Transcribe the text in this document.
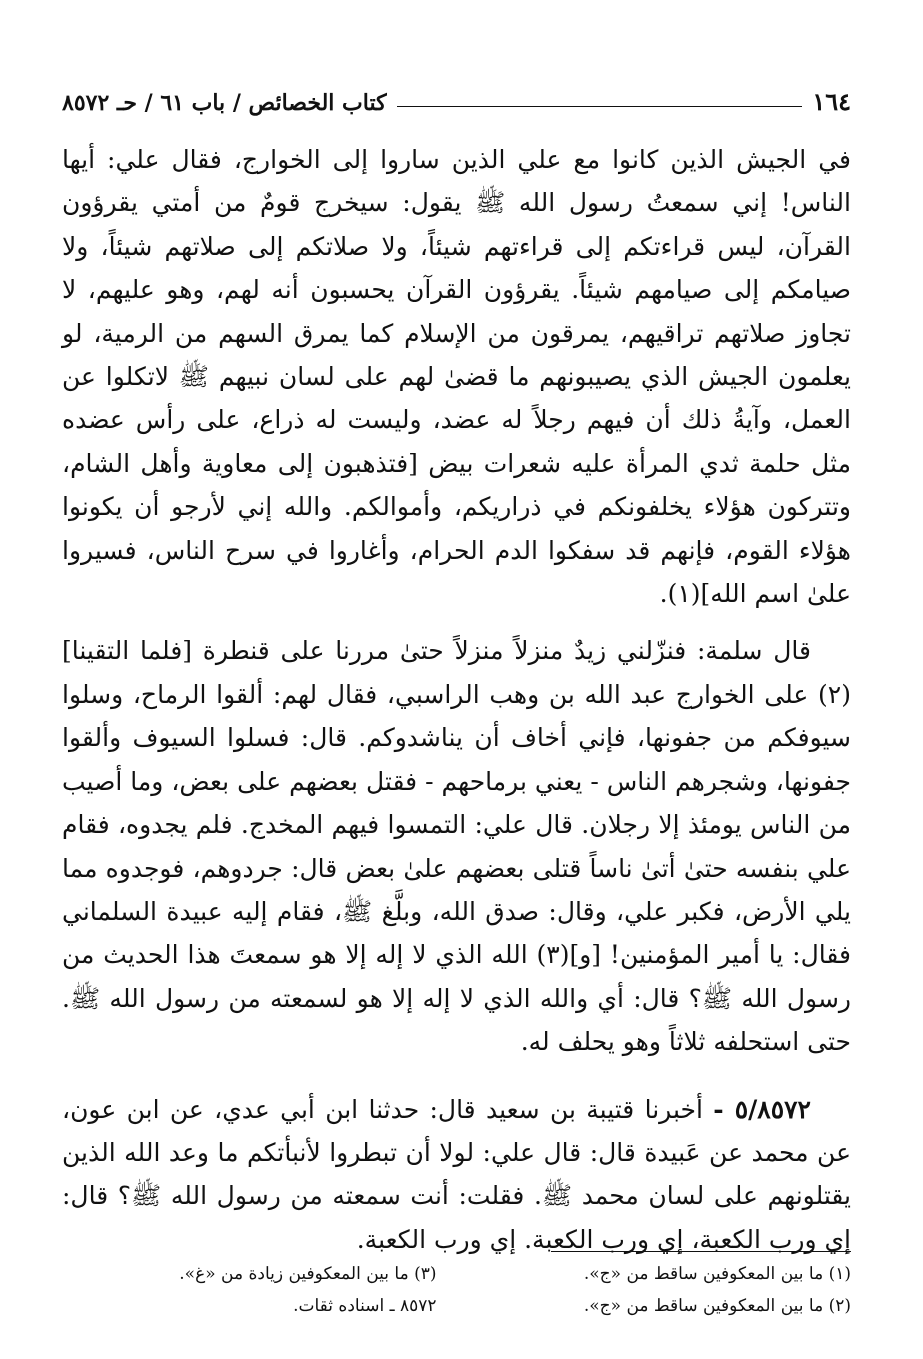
١٦٤
كتاب الخصائص / باب ٦١ / حـ ٨٥٧٢

في الجيش الذين كانوا مع علي الذين ساروا إلى الخوارج، فقال علي: أيها الناس! إني سمعتُ رسول الله ﷺ يقول: سيخرج قومٌ من أمتي يقرؤون القرآن، ليس قراءتكم إلى قراءتهم شيئاً، ولا صلاتكم إلى صلاتهم شيئاً، ولا صيامكم إلى صيامهم شيئاً. يقرؤون القرآن يحسبون أنه لهم، وهو عليهم، لا تجاوز صلاتهم تراقيهم، يمرقون من الإسلام كما يمرق السهم من الرمية، لو يعلمون الجيش الذي يصيبونهم ما قضىٰ لهم على لسان نبيهم ﷺ لاتكلوا عن العمل، وآيةُ ذلك أن فيهم رجلاً له عضد، وليست له ذراع، على رأس عضده مثل حلمة ثدي المرأة عليه شعرات بيض [فتذهبون إلى معاوية وأهل الشام، وتتركون هؤلاء يخلفونكم في ذراريكم، وأموالكم. والله إني لأرجو أن يكونوا هؤلاء القوم، فإنهم قد سفكوا الدم الحرام، وأغاروا في سرح الناس، فسيروا علىٰ اسم الله](١).

قال سلمة: فنزّلني زيدٌ منزلاً منزلاً حتىٰ مررنا على قنطرة [فلما التقينا](٢) على الخوارج عبد الله بن وهب الراسبي، فقال لهم: ألقوا الرماح، وسلوا سيوفكم من جفونها، فإني أخاف أن يناشدوكم. قال: فسلوا السيوف وألقوا جفونها، وشجرهم الناس - يعني برماحهم - فقتل بعضهم على بعض، وما أصيب من الناس يومئذ إلا رجلان. قال علي: التمسوا فيهم المخدج. فلم يجدوه، فقام علي بنفسه حتىٰ أتىٰ ناساً قتلى بعضهم علىٰ بعض قال: جردوهم، فوجدوه مما يلي الأرض، فكبر علي، وقال: صدق الله، وبلَّغ ﷺ، فقام إليه عبيدة السلماني فقال: يا أمير المؤمنين! [و](٣) الله الذي لا إله إلا هو سمعتَ هذا الحديث من رسول الله ﷺ؟ قال: أي والله الذي لا إله إلا هو لسمعته من رسول الله ﷺ. حتى استحلفه ثلاثاً وهو يحلف له.

٥/٨٥٧٢ - أخبرنا قتيبة بن سعيد قال: حدثنا ابن أبي عدي، عن ابن عون، عن محمد عن عَبيدة قال: قال علي: لولا أن تبطروا لأنبأتكم ما وعد الله الذين يقتلونهم على لسان محمد ﷺ. فقلت: أنت سمعته من رسول الله ﷺ؟ قال: إي ورب الكعبة، إي ورب الكعبة. إي ورب الكعبة.

(١) ما بين المعكوفين ساقط من «ج».
(٣) ما بين المعكوفين زيادة من «غ».
(٢) ما بين المعكوفين ساقط من «ج».
٨٥٧٢ ـ اسناده ثقات.
